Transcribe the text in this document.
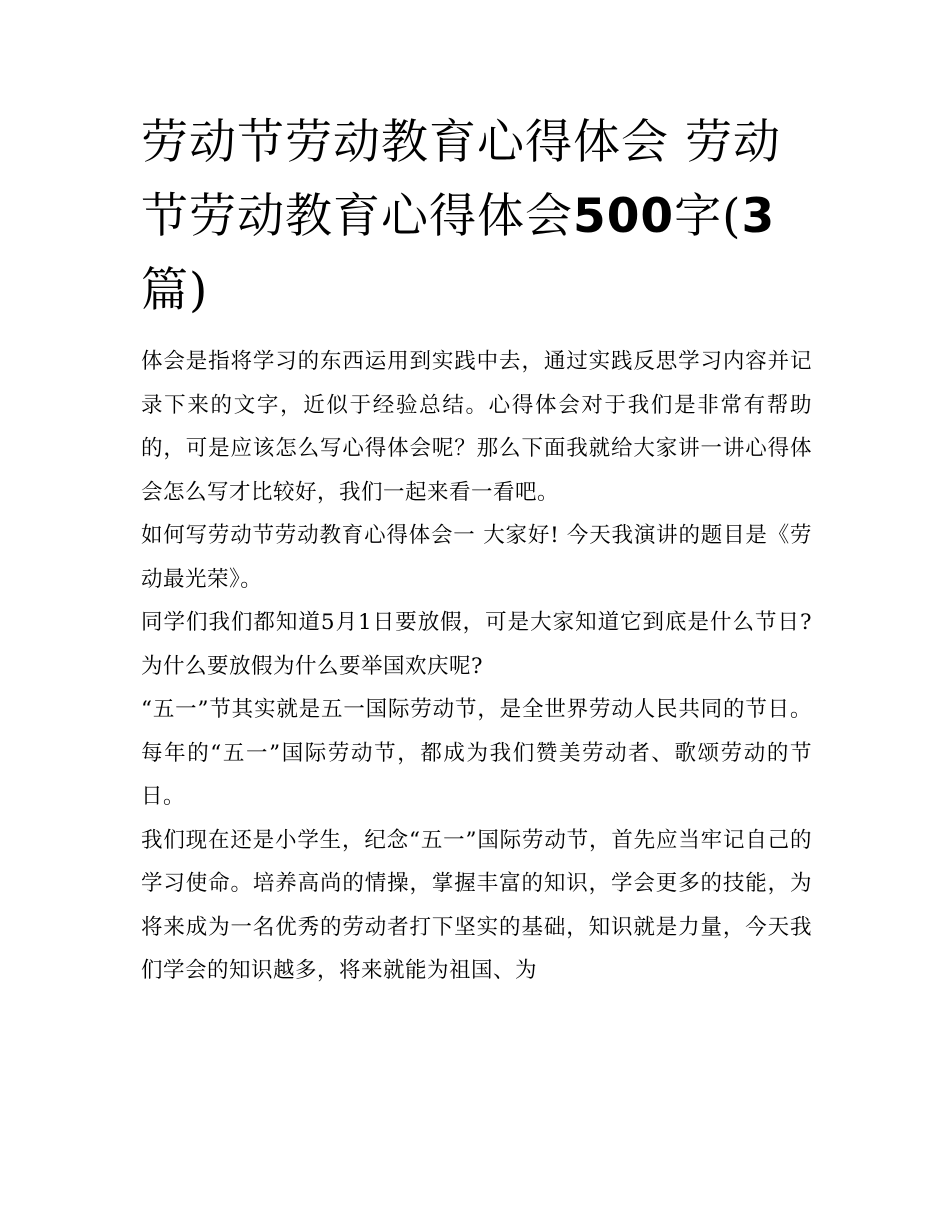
劳动节劳动教育心得体会 劳动节劳动教育心得体会500字(3篇)

体会是指将学习的东西运用到实践中去，通过实践反思学习内容并记录下来的文字，近似于经验总结。心得体会对于我们是非常有帮助的，可是应该怎么写心得体会呢？那么下面我就给大家讲一讲心得体会怎么写才比较好，我们一起来看一看吧。

如何写劳动节劳动教育心得体会一 大家好! 今天我演讲的题目是《劳动最光荣》。

同学们我们都知道5月1日要放假，可是大家知道它到底是什么节日?为什么要放假为什么要举国欢庆呢?

“五一”节其实就是五一国际劳动节，是全世界劳动人民共同的节日。每年的“五一”国际劳动节，都成为我们赞美劳动者、歌颂劳动的节日。

我们现在还是小学生，纪念“五一”国际劳动节，首先应当牢记自己的学习使命。培养高尚的情操，掌握丰富的知识，学会更多的技能，为将来成为一名优秀的劳动者打下坚实的基础，知识就是力量，今天我们学会的知识越多，将来就能为祖国、为
